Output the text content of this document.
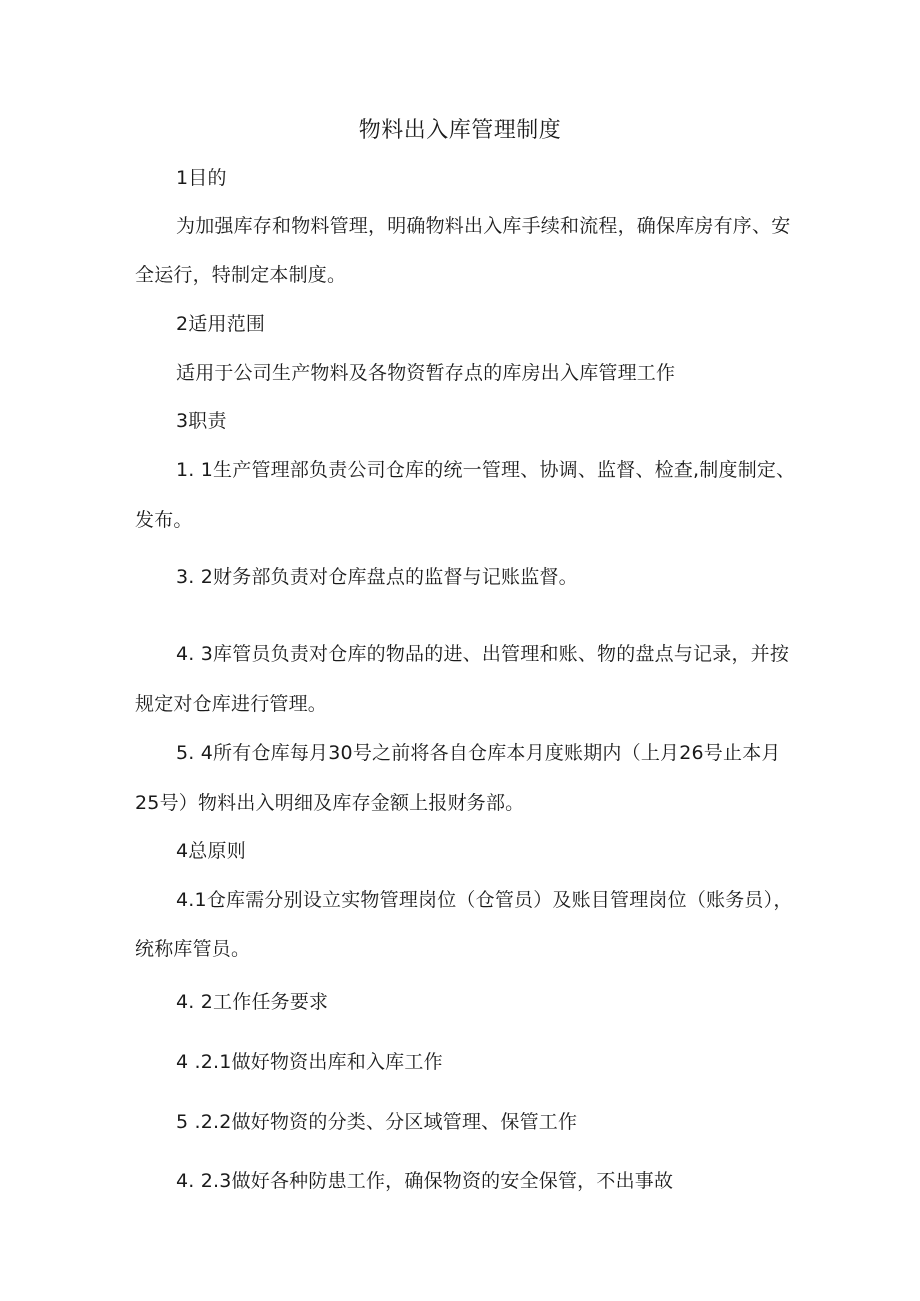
物料出入库管理制度
1目的
为加强库存和物料管理，明确物料出入库手续和流程，确保库房有序、安
全运行，特制定本制度。
2适用范围
适用于公司生产物料及各物资暂存点的库房出入库管理工作
3职责
1. 1生产管理部负责公司仓库的统一管理、协调、监督、检查,制度制定、
发布。
3. 2财务部负责对仓库盘点的监督与记账监督。
4. 3库管员负责对仓库的物品的进、出管理和账、物的盘点与记录，并按
规定对仓库进行管理。
5. 4所有仓库每月30号之前将各自仓库本月度账期内（上月26号止本月
25号）物料出入明细及库存金额上报财务部。
4总原则
4.1仓库需分别设立实物管理岗位（仓管员）及账目管理岗位（账务员），
统称库管员。
4. 2工作任务要求
4 .2.1做好物资出库和入库工作
5 .2.2做好物资的分类、分区域管理、保管工作
4. 2.3做好各种防患工作，确保物资的安全保管，不出事故
